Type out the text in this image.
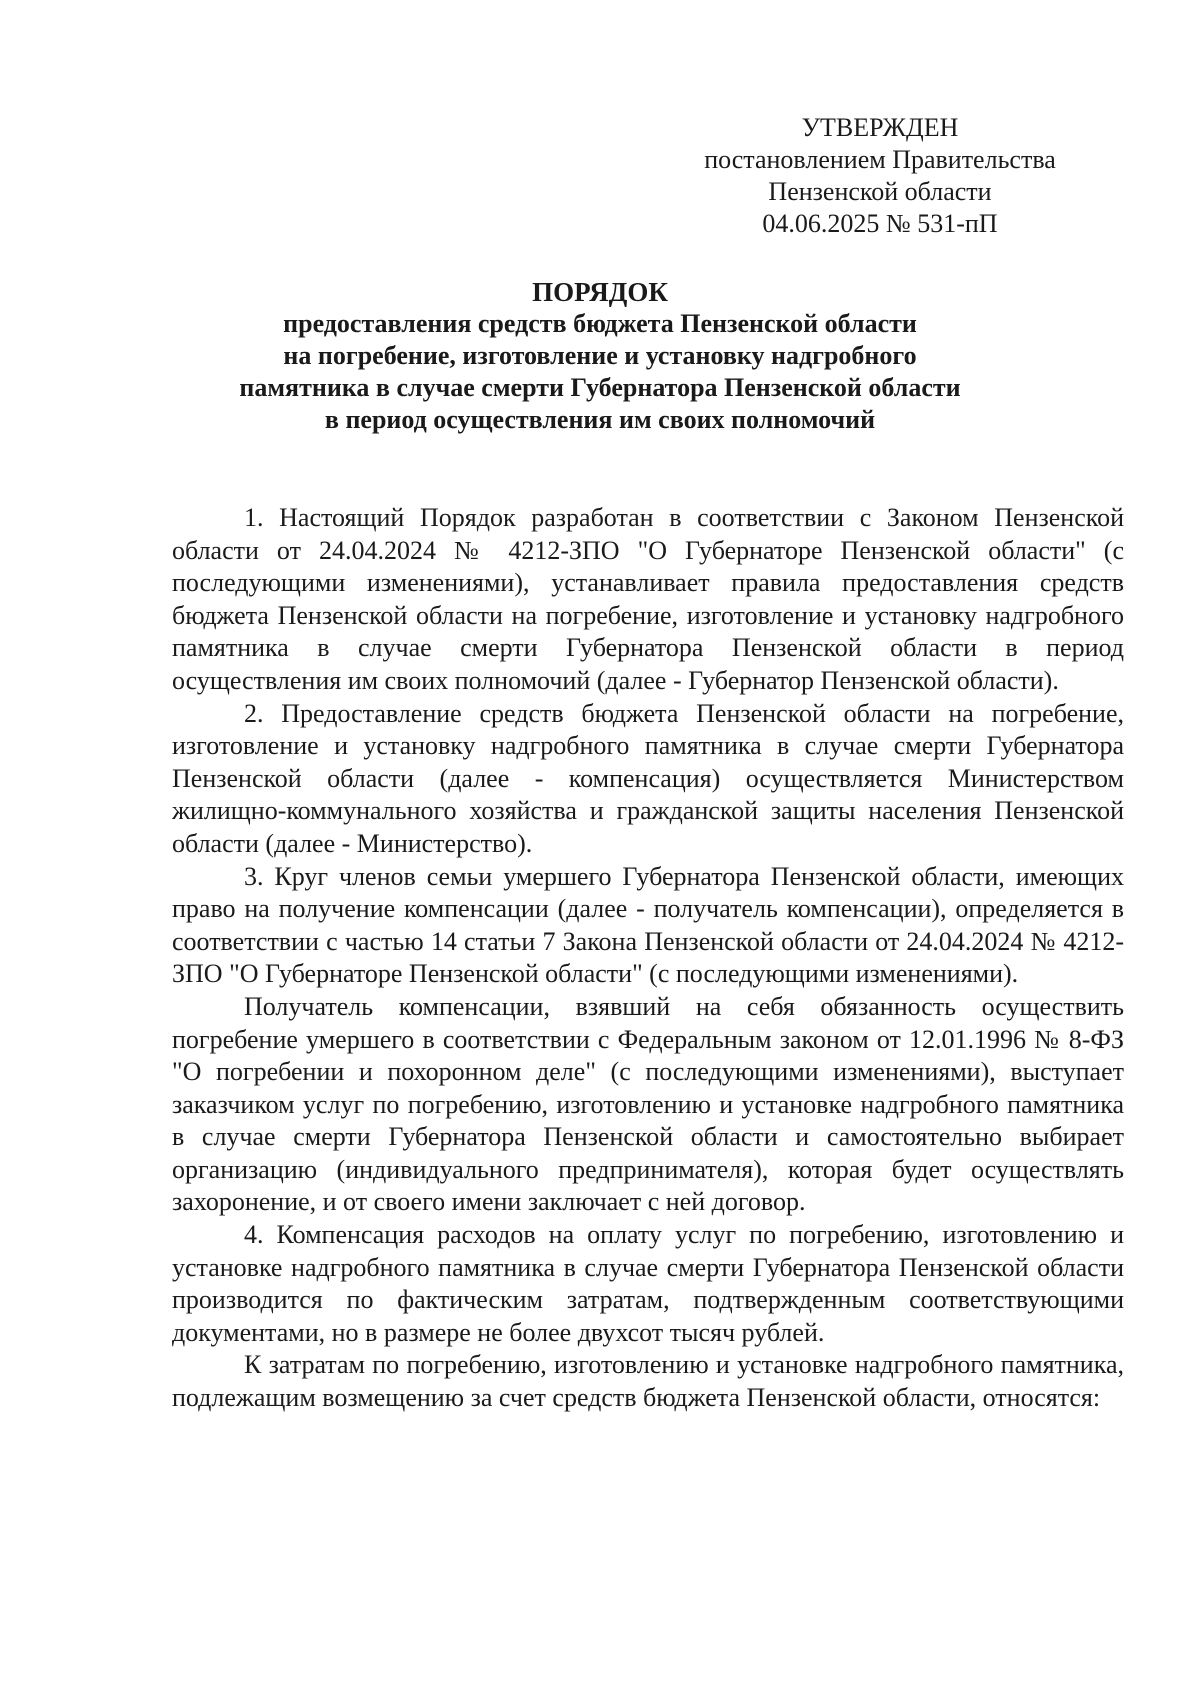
УТВЕРЖДЕН
постановлением Правительства
Пензенской области
04.06.2025 № 531-пП
ПОРЯДОК
предоставления средств бюджета Пензенской области
на погребение, изготовление и установку надгробного
памятника в случае смерти Губернатора Пензенской области
в период осуществления им своих полномочий

1. Настоящий Порядок разработан в соответствии с Законом Пензенской области от 24.04.2024 № 4212-ЗПО "О Губернаторе Пензенской области" (с последующими изменениями), устанавливает правила предоставления средств бюджета Пензенской области на погребение, изготовление и установку надгробного памятника в случае смерти Губернатора Пензенской области в период осуществления им своих полномочий (далее - Губернатор Пензенской области).

2. Предоставление средств бюджета Пензенской области на погребение, изготовление и установку надгробного памятника в случае смерти Губернатора Пензенской области (далее - компенсация) осуществляется Министерством жилищно-коммунального хозяйства и гражданской защиты населения Пензенской области (далее - Министерство).

3. Круг членов семьи умершего Губернатора Пензенской области, имеющих право на получение компенсации (далее - получатель компенсации), определяется в соответствии с частью 14 статьи 7 Закона Пензенской области от 24.04.2024 № 4212-ЗПО "О Губернаторе Пензенской области" (с последующими изменениями).

Получатель компенсации, взявший на себя обязанность осуществить погребение умершего в соответствии с Федеральным законом от 12.01.1996 № 8-ФЗ "О погребении и похоронном деле" (с последующими изменениями), выступает заказчиком услуг по погребению, изготовлению и установке надгробного памятника в случае смерти Губернатора Пензенской области и самостоятельно выбирает организацию (индивидуального предпринимателя), которая будет осуществлять захоронение, и от своего имени заключает с ней договор.

4. Компенсация расходов на оплату услуг по погребению, изготовлению и установке надгробного памятника в случае смерти Губернатора Пензенской области производится по фактическим затратам, подтвержденным соответствующими документами, но в размере не более двухсот тысяч рублей.

К затратам по погребению, изготовлению и установке надгробного памятника, подлежащим возмещению за счет средств бюджета Пензенской области, относятся:
